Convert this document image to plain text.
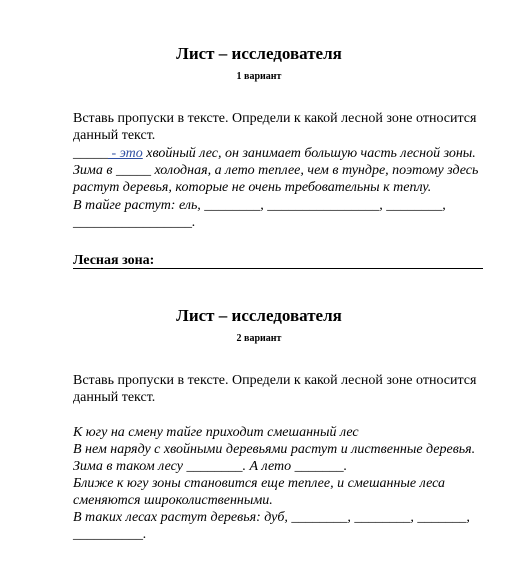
Лист – исследователя
1 вариант
Вставь пропуски в тексте. Определи к какой лесной зоне относится
данный текст.
_____ - это хвойный лес, он занимает большую часть лесной зоны.
Зима в _____ холодная, а лето теплее, чем в тундре, поэтому здесь
растут деревья, которые не очень требовательны к теплу.
В тайге растут: ель, ________, ________________, ________,
_________________.
Лесная зона:
Лист – исследователя
2 вариант
Вставь пропуски в тексте. Определи к какой лесной зоне относится
данный текст.
К югу на смену тайге приходит смешанный лес
В нем наряду с хвойными деревьями растут и лиственные деревья.
Зима в таком лесу ________. А лето _______.
Ближе к югу зоны становится еще теплее, и смешанные леса
сменяются широколиственными.
В таких лесах растут деревья: дуб, ________, ________, _______,
__________.
